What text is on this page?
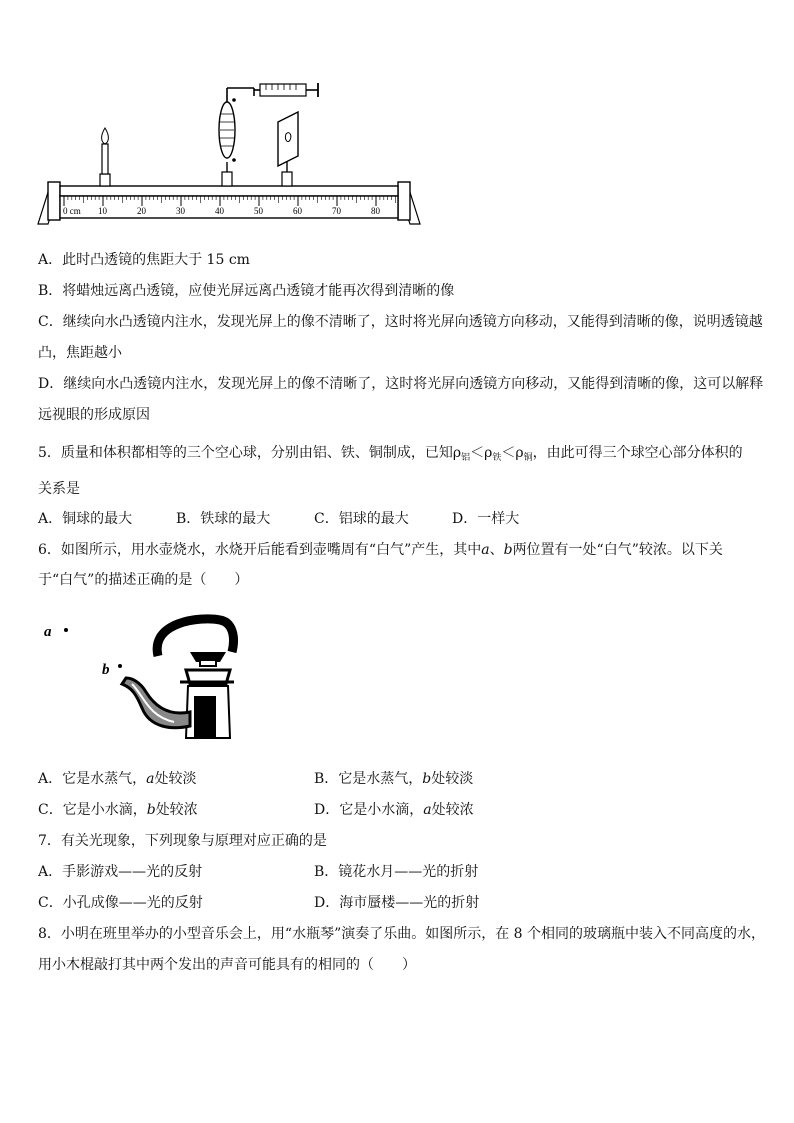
0 cm 10	20	30	40	50	60	70	80
A．此时凸透镜的焦距大于 15 cm
B．将蜡烛远离凸透镜，应使光屏远离凸透镜才能再次得到清晰的像
C．继续向水凸透镜内注水，发现光屏上的像不清晰了，这时将光屏向透镜方向移动，又能得到清晰的像，说明透镜越
凸，焦距越小
D．继续向水凸透镜内注水，发现光屏上的像不清晰了，这时将光屏向透镜方向移动，又能得到清晰的像，这可以解释
远视眼的形成原因
5．质量和体积都相等的三个空心球，分别由铝、铁、铜制成，已知$\rho_铝<\rho_铁<\rho_铜$，由此可得三个球空心部分体积的
关系是
A．铜球的最大	B．铁球的最大	C．铝球的最大	D．一样大
6．如图所示，用水壶烧水，水烧开后能看到壶嘴周有“白气”产生，其中a、b两位置有一处“白气”较浓。以下关
于“白气”的描述正确的是（　　）
a
b
A．它是水蒸气，a处较淡	B．它是水蒸气，b处较淡
C．它是小水滴，b处较浓	D．它是小水滴，a处较浓
7．有关光现象，下列现象与原理对应正确的是
A．手影游戏——光的反射	B．镜花水月——光的折射
C．小孔成像——光的反射	D．海市蜃楼——光的折射
8．小明在班里举办的小型音乐会上，用“水瓶琴”演奏了乐曲。如图所示，在 8 个相同的玻璃瓶中装入不同高度的水，
用小木棍敲打其中两个发出的声音可能具有的相同的（　　）
